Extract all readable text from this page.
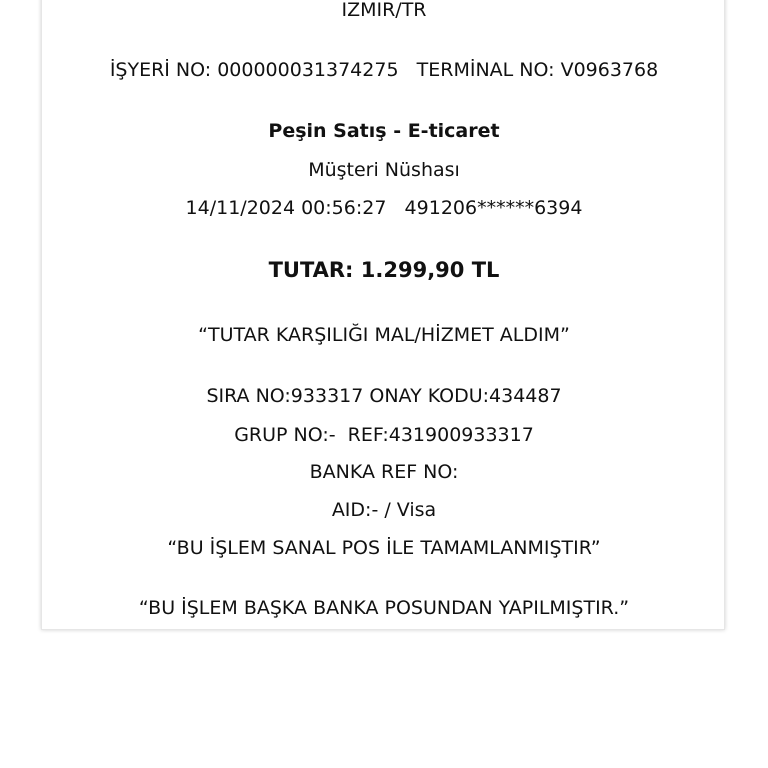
IZMIR/TR
İŞYERİ NO: 000000031374275   TERMİNAL NO: V0963768
Peşin Satış - E-ticaret
Müşteri Nüshası
14/11/2024 00:56:27   491206******6394
TUTAR: 1.299,90 TL
“TUTAR KARŞILIĞI MAL/HİZMET ALDIM”
SIRA NO:933317 ONAY KODU:434487
GRUP NO:-  REF:431900933317
BANKA REF NO:
AID:- / Visa
“BU İŞLEM SANAL POS İLE TAMAMLANMIŞTIR”
“BU İŞLEM BAŞKA BANKA POSUNDAN YAPILMIŞTIR.”
